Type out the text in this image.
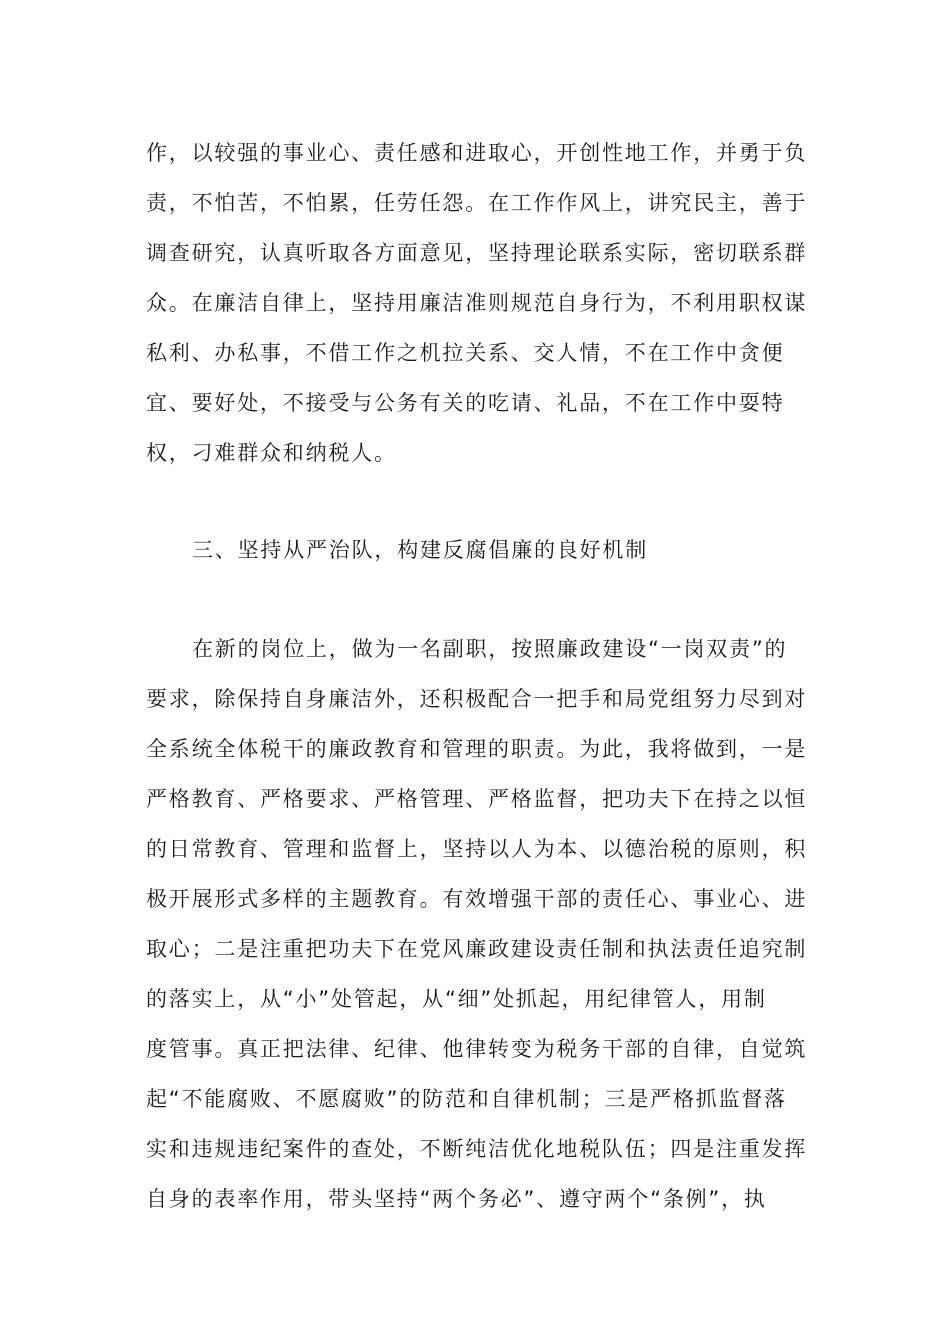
作，以较强的事业心、责任感和进取心，开创性地工作，并勇于负
责，不怕苦，不怕累，任劳任怨。在工作作风上，讲究民主，善于
调查研究，认真听取各方面意见，坚持理论联系实际，密切联系群
众。在廉洁自律上，坚持用廉洁准则规范自身行为，不利用职权谋
私利、办私事，不借工作之机拉关系、交人情，不在工作中贪便
宜、要好处，不接受与公务有关的吃请、礼品，不在工作中耍特
权，刁难群众和纳税人。
三、坚持从严治队，构建反腐倡廉的良好机制
在新的岗位上，做为一名副职，按照廉政建设“一岗双责”的
要求，除保持自身廉洁外，还积极配合一把手和局党组努力尽到对
全系统全体税干的廉政教育和管理的职责。为此，我将做到，一是
严格教育、严格要求、严格管理、严格监督，把功夫下在持之以恒
的日常教育、管理和监督上，坚持以人为本、以德治税的原则，积
极开展形式多样的主题教育。有效增强干部的责任心、事业心、进
取心；二是注重把功夫下在党风廉政建设责任制和执法责任追究制
的落实上，从“小”处管起，从“细”处抓起，用纪律管人，用制
度管事。真正把法律、纪律、他律转变为税务干部的自律，自觉筑
起“不能腐败、不愿腐败”的防范和自律机制；三是严格抓监督落
实和违规违纪案件的查处，不断纯洁优化地税队伍；四是注重发挥
自身的表率作用，带头坚持“两个务必”、遵守两个“条例”，执
